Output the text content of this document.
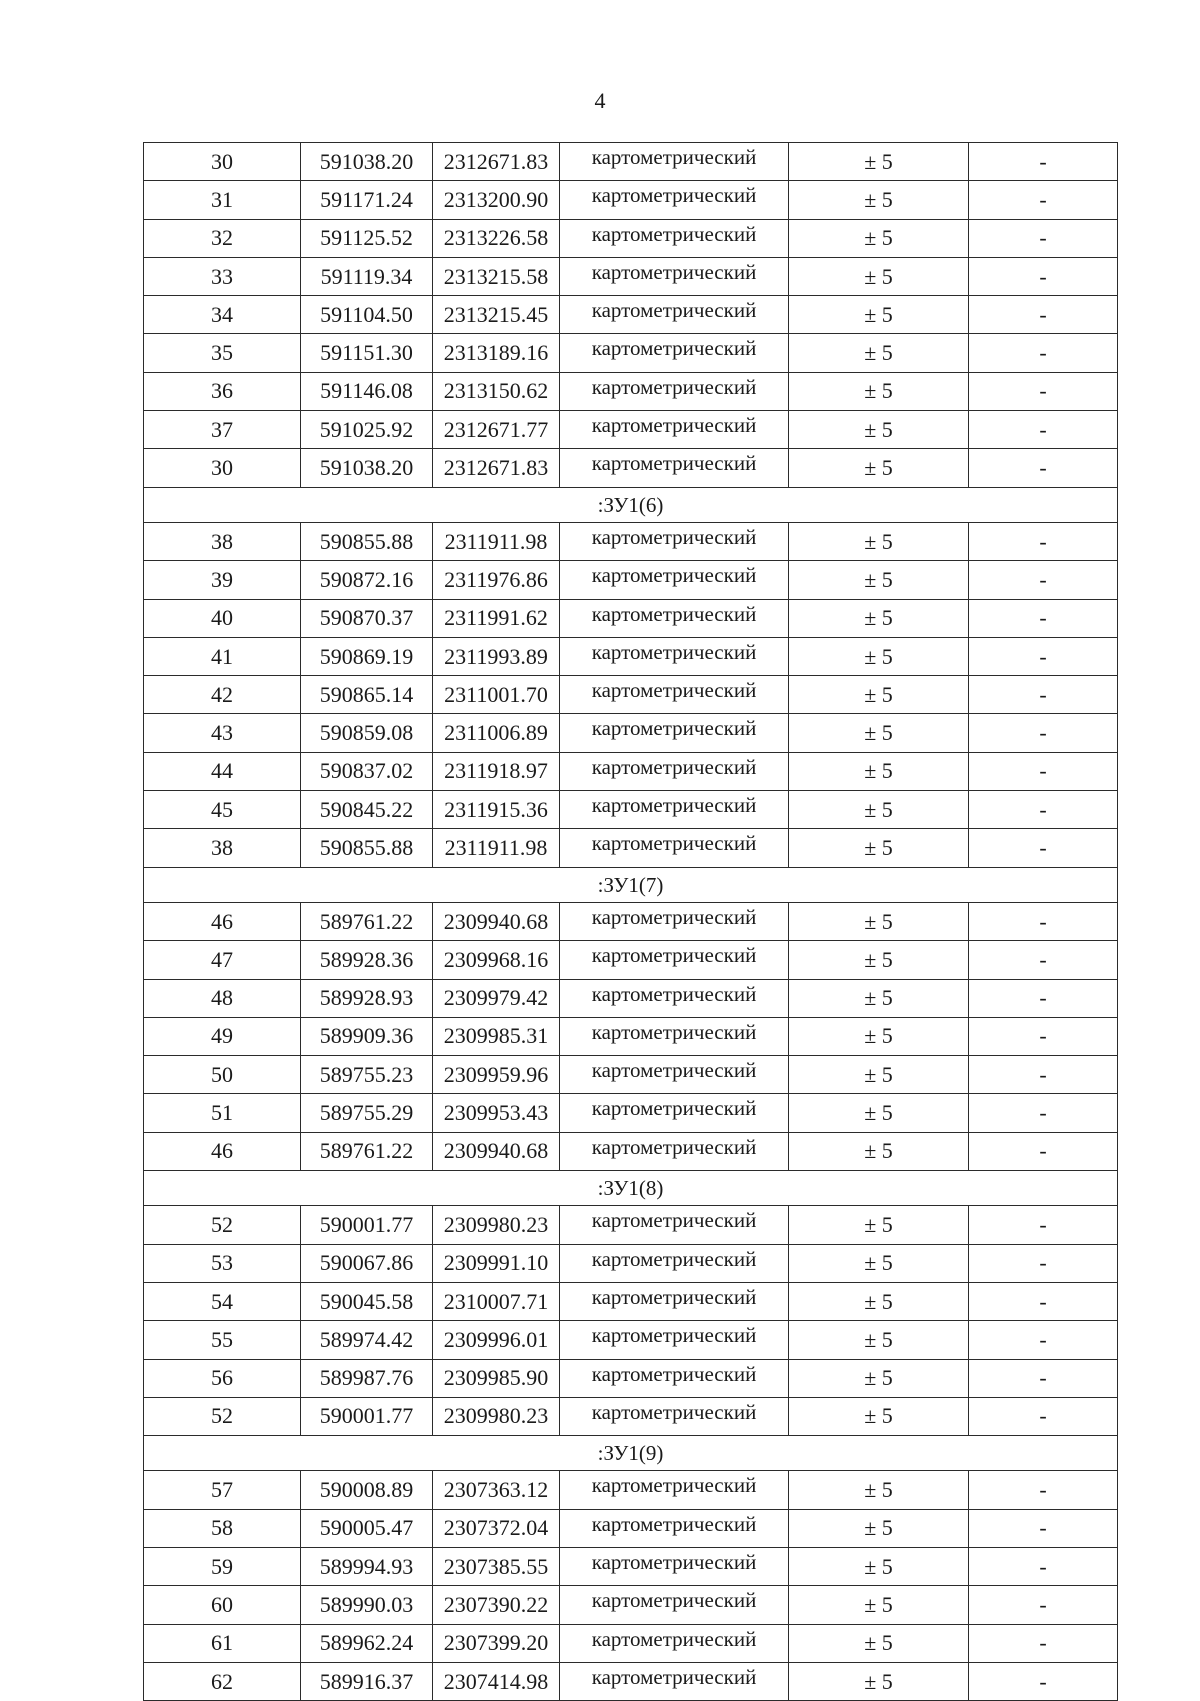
4
30	591038.20	2312671.83	картометрический	± 5	-
31	591171.24	2313200.90	картометрический	± 5	-
32	591125.52	2313226.58	картометрический	± 5	-
33	591119.34	2313215.58	картометрический	± 5	-
34	591104.50	2313215.45	картометрический	± 5	-
35	591151.30	2313189.16	картометрический	± 5	-
36	591146.08	2313150.62	картометрический	± 5	-
37	591025.92	2312671.77	картометрический	± 5	-
30	591038.20	2312671.83	картометрический	± 5	-
:ЗУ1(6)					
38	590855.88	2311911.98	картометрический	± 5	-
39	590872.16	2311976.86	картометрический	± 5	-
40	590870.37	2311991.62	картометрический	± 5	-
41	590869.19	2311993.89	картометрический	± 5	-
42	590865.14	2311001.70	картометрический	± 5	-
43	590859.08	2311006.89	картометрический	± 5	-
44	590837.02	2311918.97	картометрический	± 5	-
45	590845.22	2311915.36	картометрический	± 5	-
38	590855.88	2311911.98	картометрический	± 5	-
:ЗУ1(7)					
46	589761.22	2309940.68	картометрический	± 5	-
47	589928.36	2309968.16	картометрический	± 5	-
48	589928.93	2309979.42	картометрический	± 5	-
49	589909.36	2309985.31	картометрический	± 5	-
50	589755.23	2309959.96	картометрический	± 5	-
51	589755.29	2309953.43	картометрический	± 5	-
46	589761.22	2309940.68	картометрический	± 5	-
:ЗУ1(8)					
52	590001.77	2309980.23	картометрический	± 5	-
53	590067.86	2309991.10	картометрический	± 5	-
54	590045.58	2310007.71	картометрический	± 5	-
55	589974.42	2309996.01	картометрический	± 5	-
56	589987.76	2309985.90	картометрический	± 5	-
52	590001.77	2309980.23	картометрический	± 5	-
:ЗУ1(9)					
57	590008.89	2307363.12	картометрический	± 5	-
58	590005.47	2307372.04	картометрический	± 5	-
59	589994.93	2307385.55	картометрический	± 5	-
60	589990.03	2307390.22	картометрический	± 5	-
61	589962.24	2307399.20	картометрический	± 5	-
62	589916.37	2307414.98	картометрический	± 5	-
